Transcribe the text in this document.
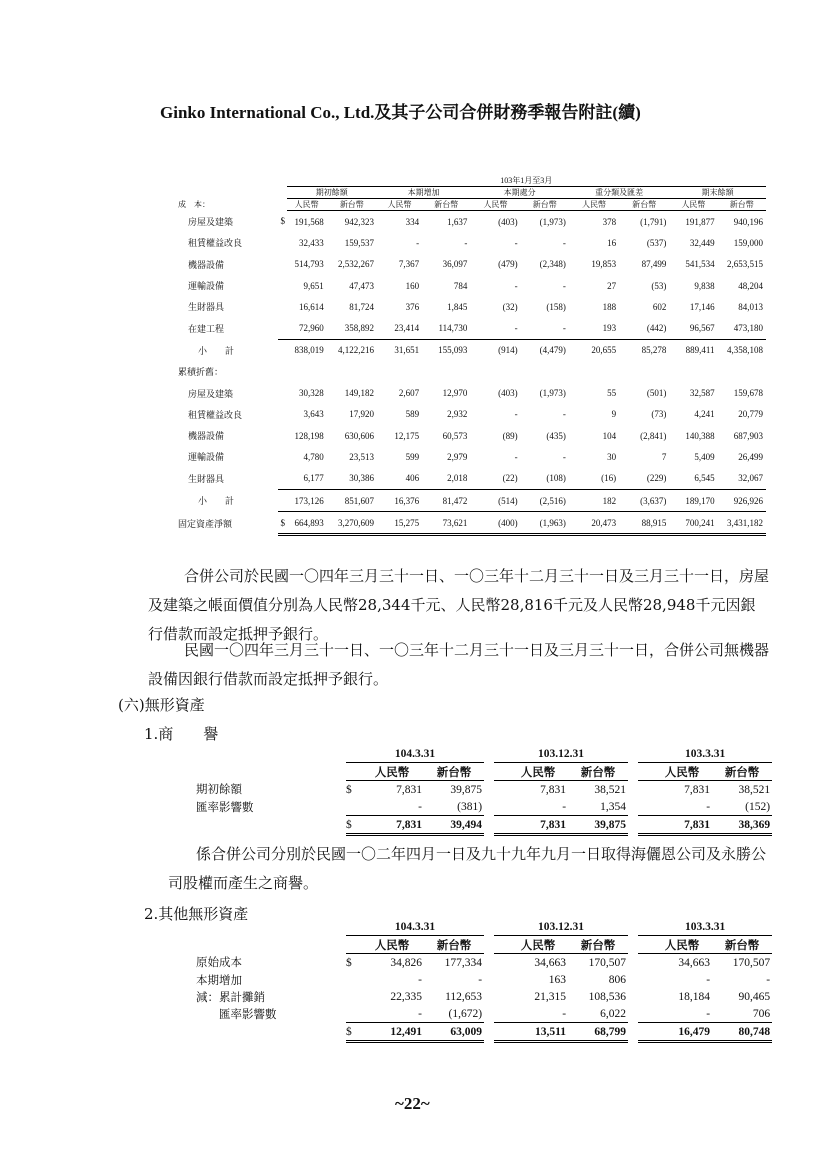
Ginko International Co., Ltd.及其子公司合併財務季報告附註(續)
		103年1月至3月									
		期初餘額		本期增加		本期處分		重分類及匯差		期末餘額	
成　本：		人民幣	新台幣	人民幣	新台幣	人民幣	新台幣	人民幣	新台幣	人民幣	新台幣
房屋及建築	$	191,568	942,323	334	1,637	(403)	(1,973)	378	(1,791)	191,877	940,196
租賃權益改良		32,433	159,537	-	-	-	-	16	(537)	32,449	159,000
機器設備		514,793	2,532,267	7,367	36,097	(479)	(2,348)	19,853	87,499	541,534	2,653,515
運輸設備		9,651	47,473	160	784	-	-	27	(53)	9,838	48,204
生財器具		16,614	81,724	376	1,845	(32)	(158)	188	602	17,146	84,013
在建工程		72,960	358,892	23,414	114,730	-	-	193	(442)	96,567	473,180
小　　計		838,019	4,122,216	31,651	155,093	(914)	(4,479)	20,655	85,278	889,411	4,358,108
累積折舊：											
房屋及建築		30,328	149,182	2,607	12,970	(403)	(1,973)	55	(501)	32,587	159,678
租賃權益改良		3,643	17,920	589	2,932	-	-	9	(73)	4,241	20,779
機器設備		128,198	630,606	12,175	60,573	(89)	(435)	104	(2,841)	140,388	687,903
運輸設備		4,780	23,513	599	2,979	-	-	30	7	5,409	26,499
生財器具		6,177	30,386	406	2,018	(22)	(108)	(16)	(229)	6,545	32,067
小　　計		173,126	851,607	16,376	81,472	(514)	(2,516)	182	(3,637)	189,170	926,926
固定資產淨額	$	664,893	3,270,609	15,275	73,621	(400)	(1,963)	20,473	88,915	700,241	3,431,182

合併公司於民國一〇四年三月三十一日、一〇三年十二月三十一日及三月三十一日，房屋及建築之帳面價值分別為人民幣28,344千元、人民幣28,816千元及人民幣28,948千元因銀行借款而設定抵押予銀行。

民國一〇四年三月三十一日、一〇三年十二月三十一日及三月三十一日，合併公司無機器設備因銀行借款而設定抵押予銀行。

(六)無形資產
1.商　　譽
	104.3.31				103.12.31				103.3.31		
		人民幣	新台幣			人民幣	新台幣			人民幣	新台幣
期初餘額	$	7,831	39,875			7,831	38,521			7,831	38,521
匯率影響數		-	(381)			-	1,354			-	(152)
	$	7,831	39,494			7,831	39,875			7,831	38,369

係合併公司分別於民國一〇二年四月一日及九十九年九月一日取得海儷恩公司及永勝公司股權而產生之商譽。

2.其他無形資產
	104.3.31				103.12.31				103.3.31		
		人民幣	新台幣			人民幣	新台幣			人民幣	新台幣
原始成本	$	34,826	177,334			34,663	170,507			34,663	170,507
本期增加		-	-			163	806			-	-
減：累計攤銷		22,335	112,653			21,315	108,536			18,184	90,465
　　匯率影響數		-	(1,672)			-	6,022			-	706
	$	12,491	63,009			13,511	68,799			16,479	80,748
~22~
